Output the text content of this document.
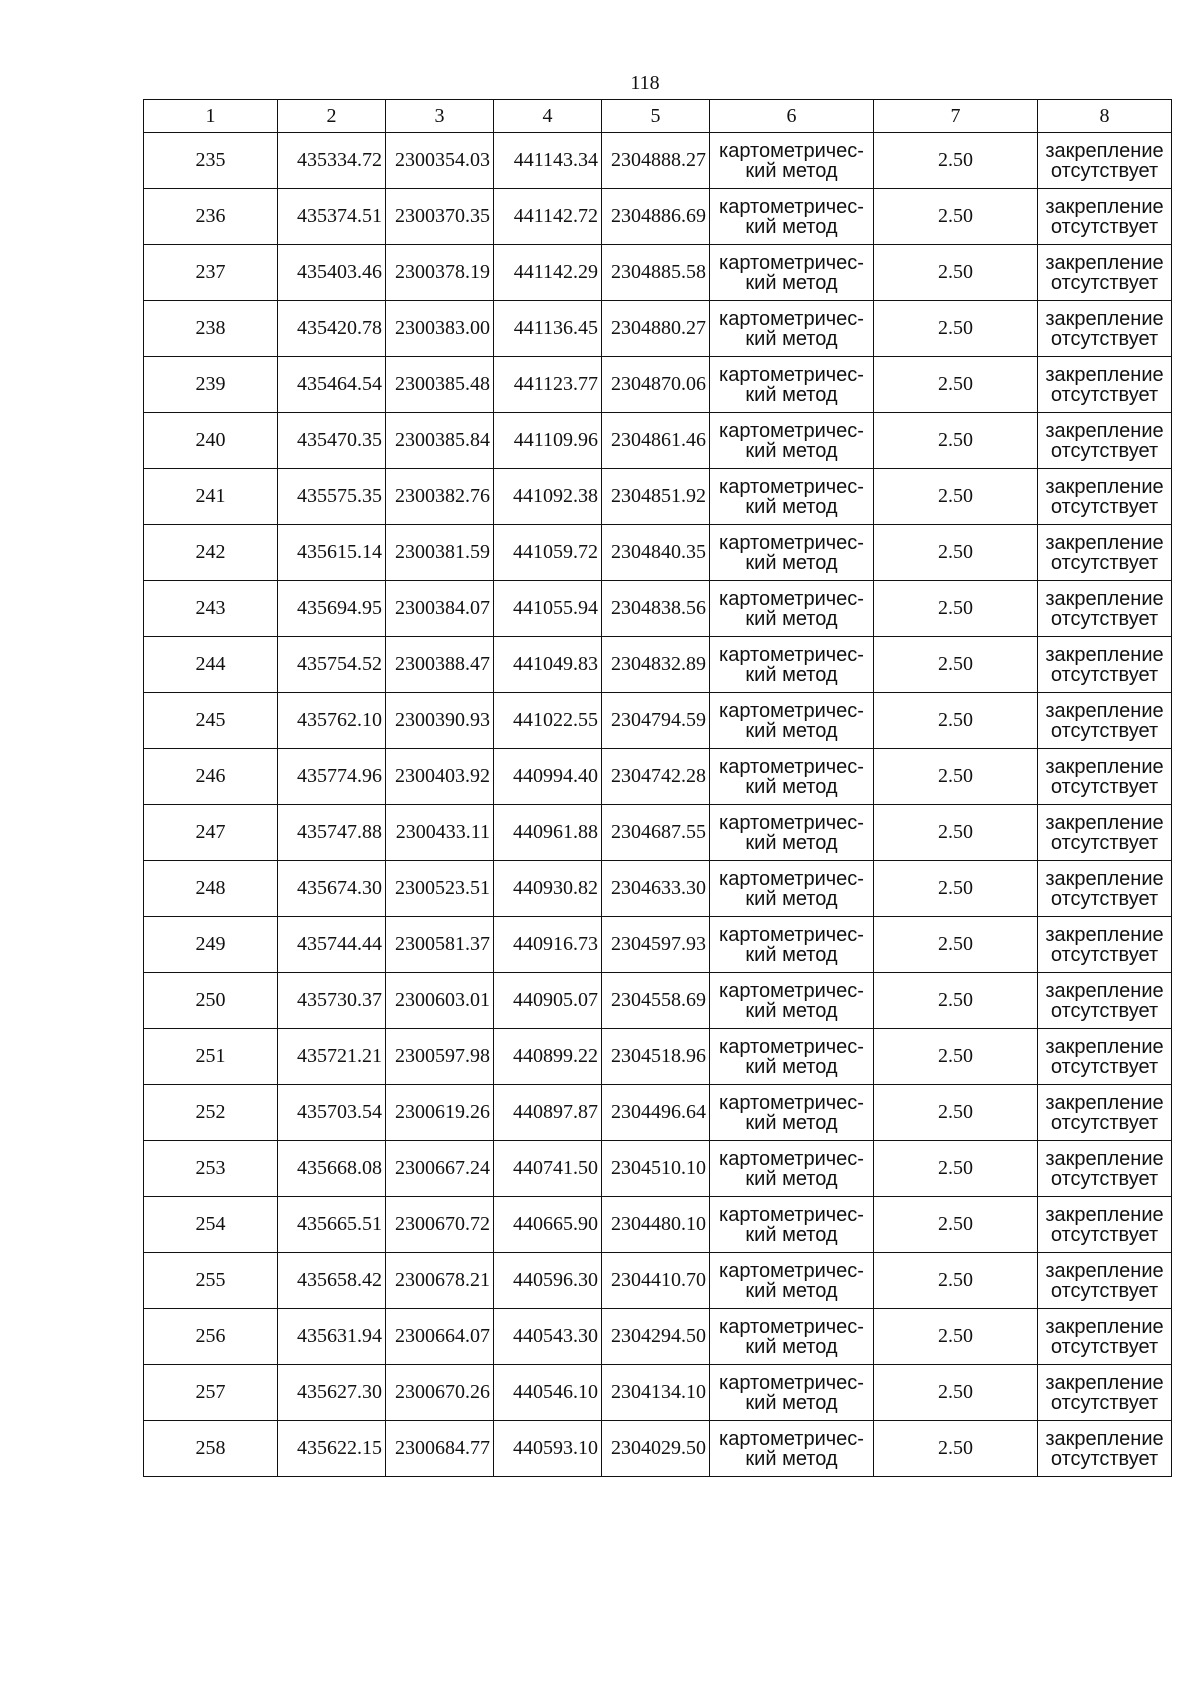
118
1	2	3	4	5	6	7	8
235	435334.72	2300354.03	441143.34	2304888.27	картометричес-
кий метод	2.50	закрепление
отсутствует

236	435374.51	2300370.35	441142.72	2304886.69	картометричес-
кий метод	2.50	закрепление
отсутствует

237	435403.46	2300378.19	441142.29	2304885.58	картометричес-
кий метод	2.50	закрепление
отсутствует

238	435420.78	2300383.00	441136.45	2304880.27	картометричес-
кий метод	2.50	закрепление
отсутствует

239	435464.54	2300385.48	441123.77	2304870.06	картометричес-
кий метод	2.50	закрепление
отсутствует

240	435470.35	2300385.84	441109.96	2304861.46	картометричес-
кий метод	2.50	закрепление
отсутствует

241	435575.35	2300382.76	441092.38	2304851.92	картометричес-
кий метод	2.50	закрепление
отсутствует

242	435615.14	2300381.59	441059.72	2304840.35	картометричес-
кий метод	2.50	закрепление
отсутствует

243	435694.95	2300384.07	441055.94	2304838.56	картометричес-
кий метод	2.50	закрепление
отсутствует

244	435754.52	2300388.47	441049.83	2304832.89	картометричес-
кий метод	2.50	закрепление
отсутствует

245	435762.10	2300390.93	441022.55	2304794.59	картометричес-
кий метод	2.50	закрепление
отсутствует

246	435774.96	2300403.92	440994.40	2304742.28	картометричес-
кий метод	2.50	закрепление
отсутствует

247	435747.88	2300433.11	440961.88	2304687.55	картометричес-
кий метод	2.50	закрепление
отсутствует

248	435674.30	2300523.51	440930.82	2304633.30	картометричес-
кий метод	2.50	закрепление
отсутствует

249	435744.44	2300581.37	440916.73	2304597.93	картометричес-
кий метод	2.50	закрепление
отсутствует

250	435730.37	2300603.01	440905.07	2304558.69	картометричес-
кий метод	2.50	закрепление
отсутствует

251	435721.21	2300597.98	440899.22	2304518.96	картометричес-
кий метод	2.50	закрепление
отсутствует

252	435703.54	2300619.26	440897.87	2304496.64	картометричес-
кий метод	2.50	закрепление
отсутствует

253	435668.08	2300667.24	440741.50	2304510.10	картометричес-
кий метод	2.50	закрепление
отсутствует

254	435665.51	2300670.72	440665.90	2304480.10	картометричес-
кий метод	2.50	закрепление
отсутствует

255	435658.42	2300678.21	440596.30	2304410.70	картометричес-
кий метод	2.50	закрепление
отсутствует

256	435631.94	2300664.07	440543.30	2304294.50	картометричес-
кий метод	2.50	закрепление
отсутствует

257	435627.30	2300670.26	440546.10	2304134.10	картометричес-
кий метод	2.50	закрепление
отсутствует

258	435622.15	2300684.77	440593.10	2304029.50	картометричес-
кий метод	2.50	закрепление
отсутствует
